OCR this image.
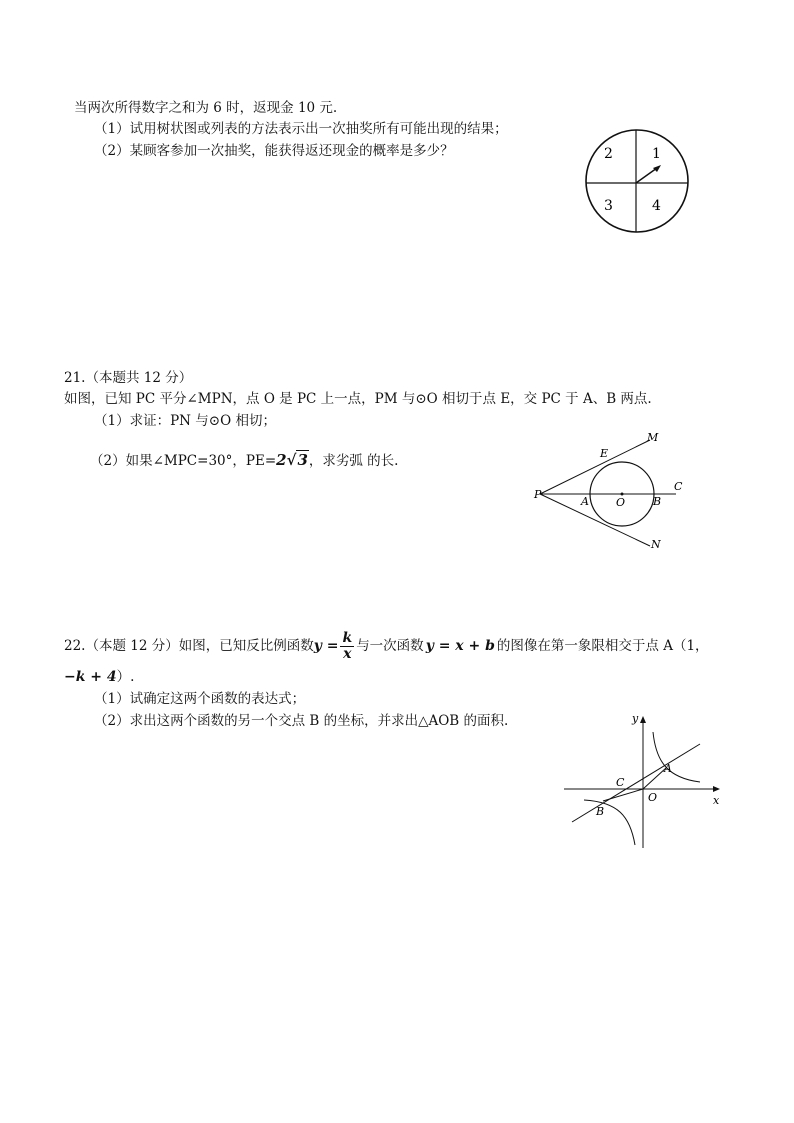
当两次所得数字之和为 6 时，返现金 10 元.
（1）试用树状图或列表的方法表示出一次抽奖所有可能出现的结果；
（2）某顾客参加一次抽奖，能获得返还现金的概率是多少？	2	1
3	4
21.（本题共 12 分）
如图，已知 PC 平分∠MPN，点 O 是 PC 上一点，PM 与⊙O 相切于点 E，交 PC 于 A、B 两点.
（1）求证：PN 与⊙O 相切；
（2）如果∠MPC=30°，PE=2√3，求劣弧 的长.
M
E
C
P
A O	B
N
22.（本题 12 分）如图，已知反比例函数$y = \frac{k}{x}$ 与一次函数 y = x + b 的图像在第一象限相交于点 A（1，
−k + 4）.
（1）试确定这两个函数的表达式；
（2）求出这两个函数的另一个交点 B 的坐标，并求出△AOB 的面积.	y
x
A
C
O
B
